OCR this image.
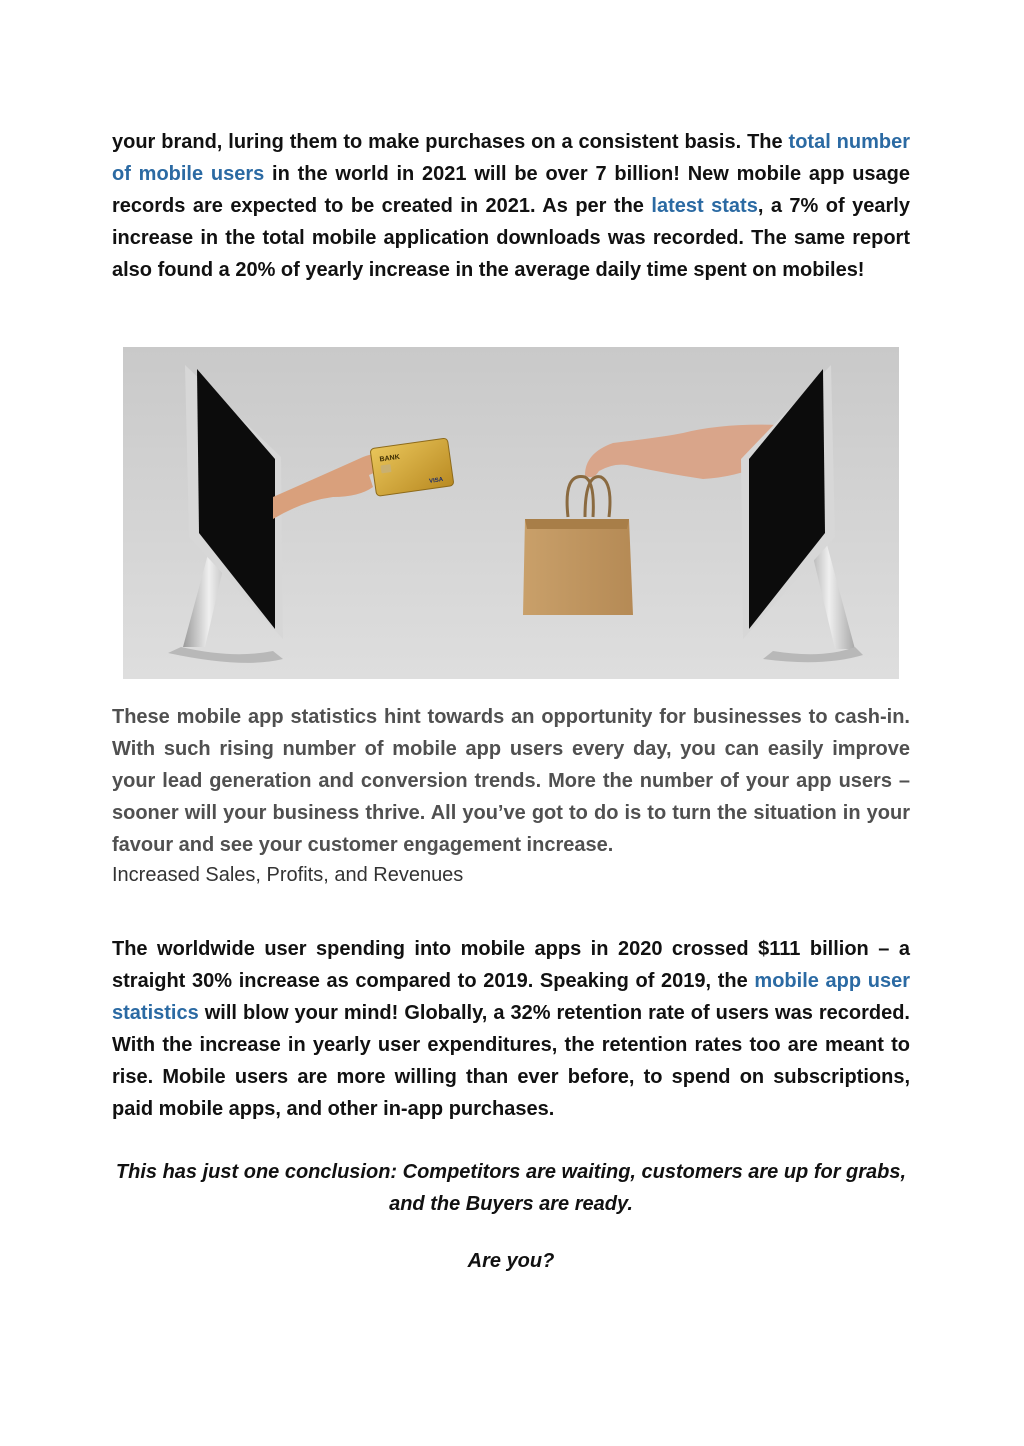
your brand, luring them to make purchases on a consistent basis. The total number of mobile users in the world in 2021 will be over 7 billion! New mobile app usage records are expected to be created in 2021. As per the latest stats, a 7% of yearly increase in the total mobile application downloads was recorded. The same report also found a 20% of yearly increase in the average daily time spent on mobiles!

BANK
VISA

These mobile app statistics hint towards an opportunity for businesses to cash-in. With such rising number of mobile app users every day, you can easily improve your lead generation and conversion trends. More the number of your app users – sooner will your business thrive. All you’ve got to do is to turn the situation in your favour and see your customer engagement increase.

Increased Sales, Profits, and Revenues

The worldwide user spending into mobile apps in 2020 crossed $111 billion – a straight 30% increase as compared to 2019. Speaking of 2019, the mobile app user statistics will blow your mind! Globally, a 32% retention rate of users was recorded. With the increase in yearly user expenditures, the retention rates too are meant to rise. Mobile users are more willing than ever before, to spend on subscriptions, paid mobile apps, and other in-app purchases.

This has just one conclusion: Competitors are waiting, customers are up for grabs, and the Buyers are ready.

Are you?
